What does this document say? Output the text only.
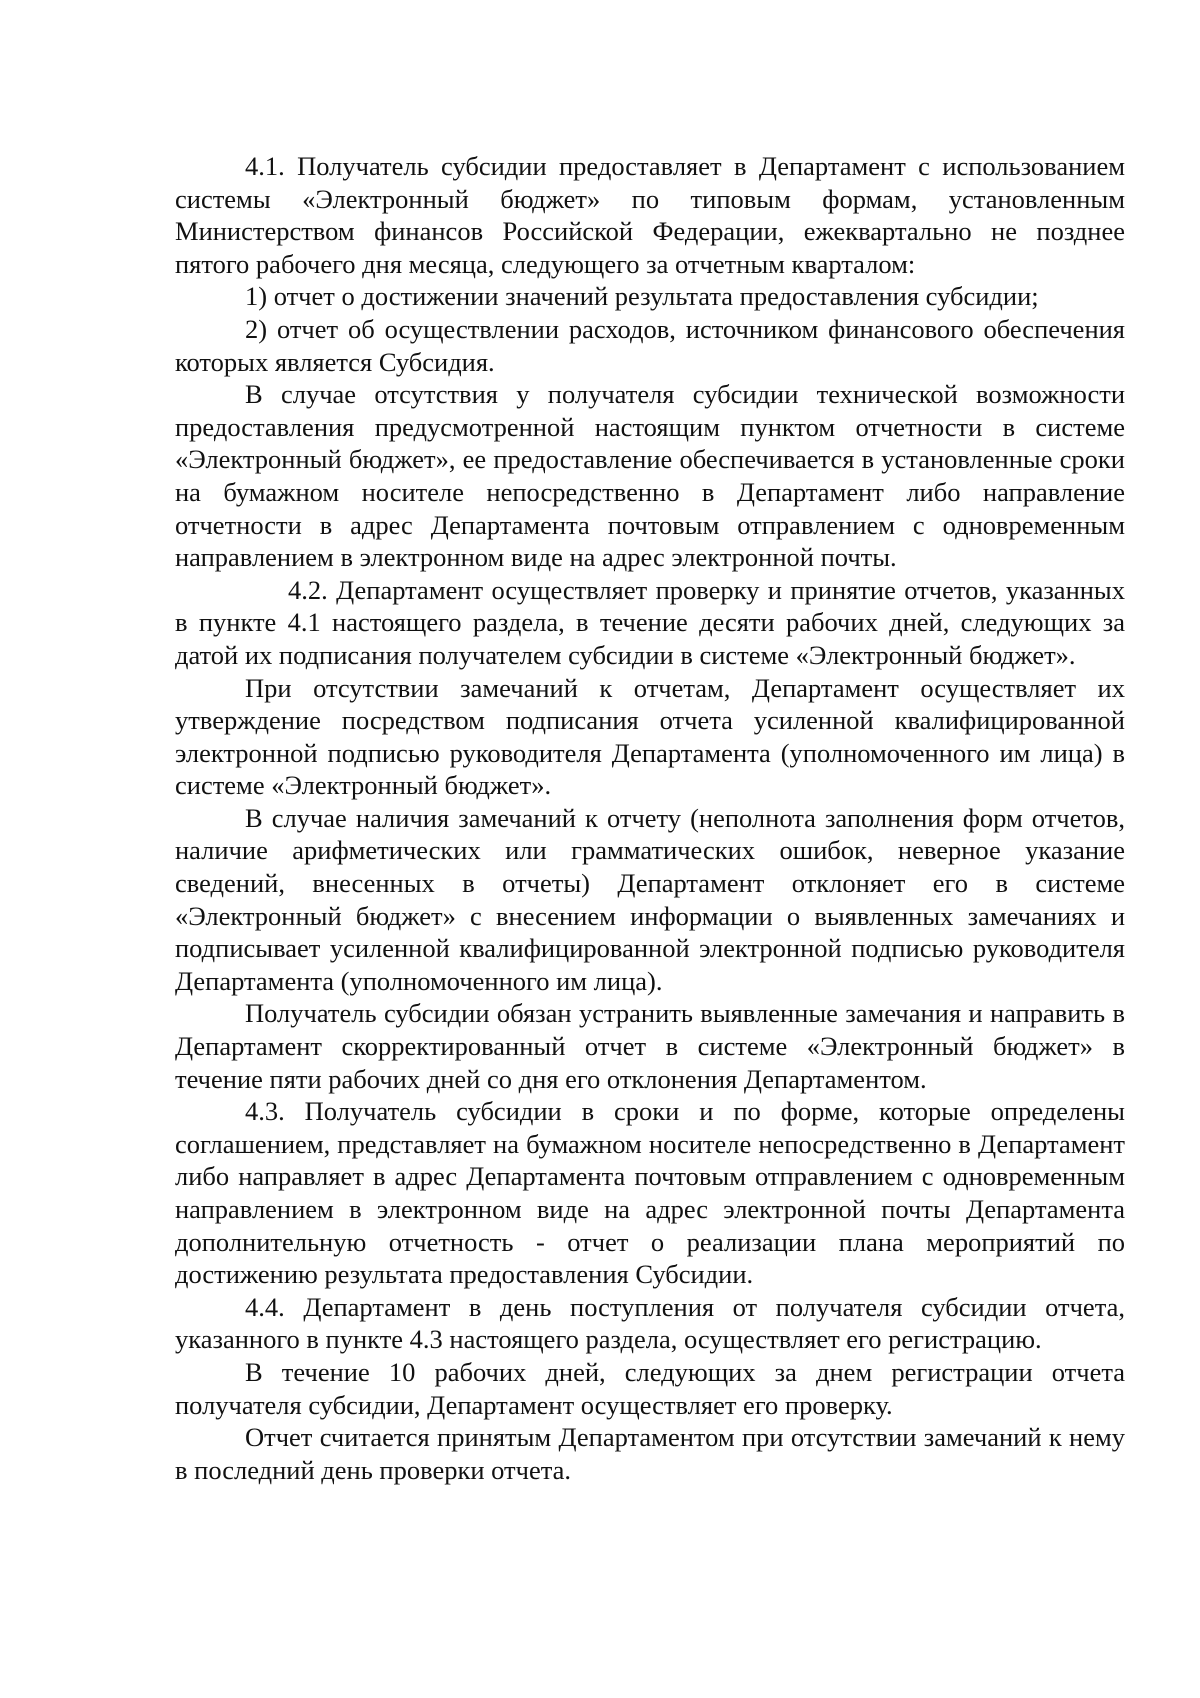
4.1. Получатель субсидии предоставляет в Департамент с использованием системы «Электронный бюджет» по типовым формам, установленным Министерством финансов Российской Федерации, ежеквартально не позднее пятого рабочего дня месяца, следующего за отчетным кварталом:

1) отчет о достижении значений результата предоставления субсидии;

2) отчет об осуществлении расходов, источником финансового обеспечения которых является Субсидия.

В случае отсутствия у получателя субсидии технической возможности предоставления предусмотренной настоящим пунктом отчетности в системе «Электронный бюджет», ее предоставление обеспечивается в установленные сроки на бумажном носителе непосредственно в Департамент либо направление отчетности в адрес Департамента почтовым отправлением с одновременным направлением в электронном виде на адрес электронной почты.

4.2. Департамент осуществляет проверку и принятие отчетов, указанных в пункте 4.1 настоящего раздела, в течение десяти рабочих дней, следующих за датой их подписания получателем субсидии в системе «Электронный бюджет».

При отсутствии замечаний к отчетам, Департамент осуществляет их утверждение посредством подписания отчета усиленной квалифицированной электронной подписью руководителя Департамента (уполномоченного им лица) в системе «Электронный бюджет».

В случае наличия замечаний к отчету (неполнота заполнения форм отчетов, наличие арифметических или грамматических ошибок, неверное указание сведений, внесенных в отчеты) Департамент отклоняет его в системе «Электронный бюджет» с внесением информации о выявленных замечаниях и подписывает усиленной квалифицированной электронной подписью руководителя Департамента (уполномоченного им лица).

Получатель субсидии обязан устранить выявленные замечания и направить в Департамент скорректированный отчет в системе «Электронный бюджет» в течение пяти рабочих дней со дня его отклонения Департаментом.

4.3. Получатель субсидии в сроки и по форме, которые определены соглашением, представляет на бумажном носителе непосредственно в Департамент либо направляет в адрес Департамента почтовым отправлением с одновременным направлением в электронном виде на адрес электронной почты Департамента дополнительную отчетность - отчет о реализации плана мероприятий по достижению результата предоставления Субсидии.

4.4. Департамент в день поступления от получателя субсидии отчета, указанного в пункте 4.3 настоящего раздела, осуществляет его регистрацию.

В течение 10 рабочих дней, следующих за днем регистрации отчета получателя субсидии, Департамент осуществляет его проверку.

Отчет считается принятым Департаментом при отсутствии замечаний к нему в последний день проверки отчета.
